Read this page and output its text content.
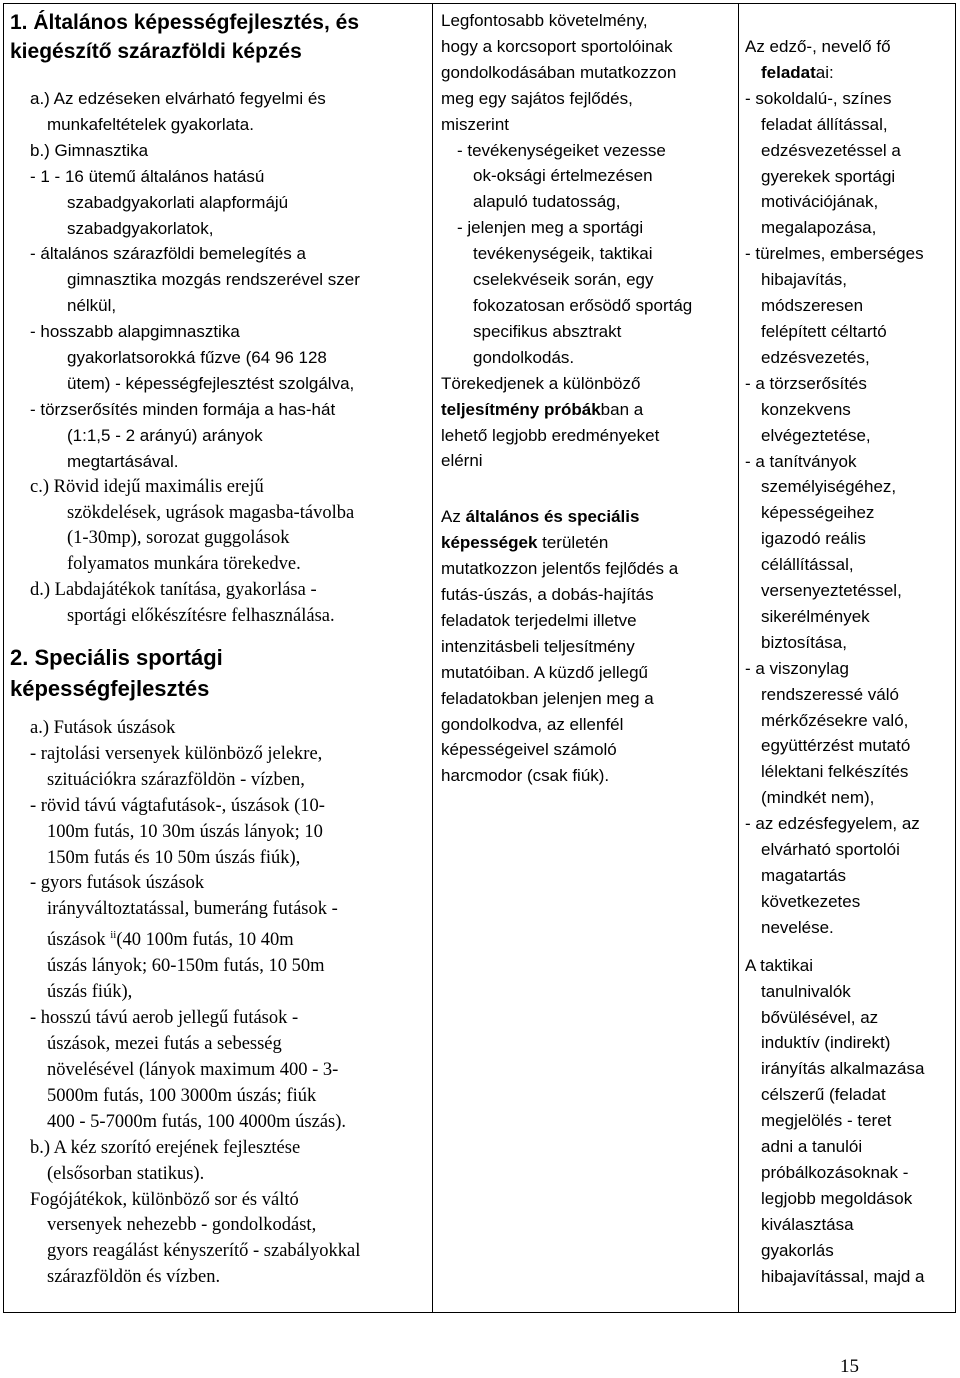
1. Általános képességfejlesztés, és
kiegészítő szárazföldi képzés

a.) Az edzéseken elvárható fegyelmi és

munkafeltételek gyakorlata.

b.) Gimnasztika

- 1 - 16 ütemű általános hatású

szabadgyakorlati alapformájú

szabadgyakorlatok,

- általános szárazföldi bemelegítés a

gimnasztika mozgás rendszerével szer

nélkül,

- hosszabb alapgimnasztika

gyakorlatsorokká fűzve (64 96 128

ütem) - képességfejlesztést szolgálva,

- törzserősítés minden formája a has-hát

(1:1,5 - 2 arányú) arányok

megtartásával.

c.) Rövid idejű maximális erejű

szökdelések, ugrások magasba-távolba

(1-30mp), sorozat guggolások

folyamatos munkára törekedve.

d.) Labdajátékok tanítása, gyakorlása -

sportági előkészítésre felhasználása.

2. Speciális sportági
képességfejlesztés

a.) Futások úszások

- rajtolási versenyek különböző jelekre,

szituációkra szárazföldön - vízben,

- rövid távú vágtafutások-, úszások (10-

100m futás, 10 30m úszás lányok; 10

150m futás és 10 50m úszás fiúk),

- gyors futások úszások

irányváltoztatással, bumeráng futások -

úszások $^{ii}$(40 100m futás, 10 40m

úszás lányok; 60-150m futás, 10 50m

úszás fiúk),

- hosszú távú aerob jellegű futások -

úszások, mezei futás a sebesség

növelésével (lányok maximum 400 - 3-

5000m futás, 100 3000m úszás; fiúk

400 - 5-7000m futás, 100 4000m úszás).

b.) A kéz szorító erejének fejlesztése

(elsősorban statikus).

Fogójátékok, különböző sor és váltó

versenyek nehezebb - gondolkodást,

gyors reagálást kényszerítő - szabályokkal

szárazföldön és vízben.

Legfontosabb követelmény,

hogy a korcsoport sportolóinak

gondolkodásában mutatkozzon

meg egy sajátos fejlődés,

miszerint

- tevékenységeiket vezesse

ok-oksági értelmezésen

alapuló tudatosság,

- jelenjen meg a sportági

tevékenységeik, taktikai

cselekvéseik során, egy

fokozatosan erősödő sportág

specifikus absztrakt

gondolkodás.

Törekedjenek a különböző

teljesítmény próbákban a

lehető legjobb eredményeket

elérni

Az általános és speciális

képességek területén

mutatkozzon jelentős fejlődés a

futás-úszás, a dobás-hajítás

feladatok terjedelmi illetve

intenzitásbeli teljesítmény

mutatóiban. A küzdő jellegű

feladatokban jelenjen meg a

gondolkodva, az ellenfél

képességeivel számoló

harcmodor (csak fiúk).

Az edző-, nevelő fő

feladatai:

- sokoldalú-, színes

feladat állítással,

edzésvezetéssel a

gyerekek sportági

motivációjának,

megalapozása,

- türelmes, emberséges

hibajavítás,

módszeresen

felépített céltartó

edzésvezetés,

- a törzserősítés

konzekvens

elvégeztetése,

- a tanítványok

személyiségéhez,

képességeihez

igazodó reális

célállítással,

versenyeztetéssel,

sikerélmények

biztosítása,

- a viszonylag

rendszeressé váló

mérkőzésekre való,

együttérzést mutató

lélektani felkészítés

(mindkét nem),

- az edzésfegyelem, az

elvárható sportolói

magatartás

következetes

nevelése.

A taktikai

tanulnivalók

bővülésével, az

induktív (indirekt)

irányítás alkalmazása

célszerű (feladat

megjelölés - teret

adni a tanulói

próbálkozásoknak -

legjobb megoldások

kiválasztása

gyakorlás

hibajavítással, majd a

15
